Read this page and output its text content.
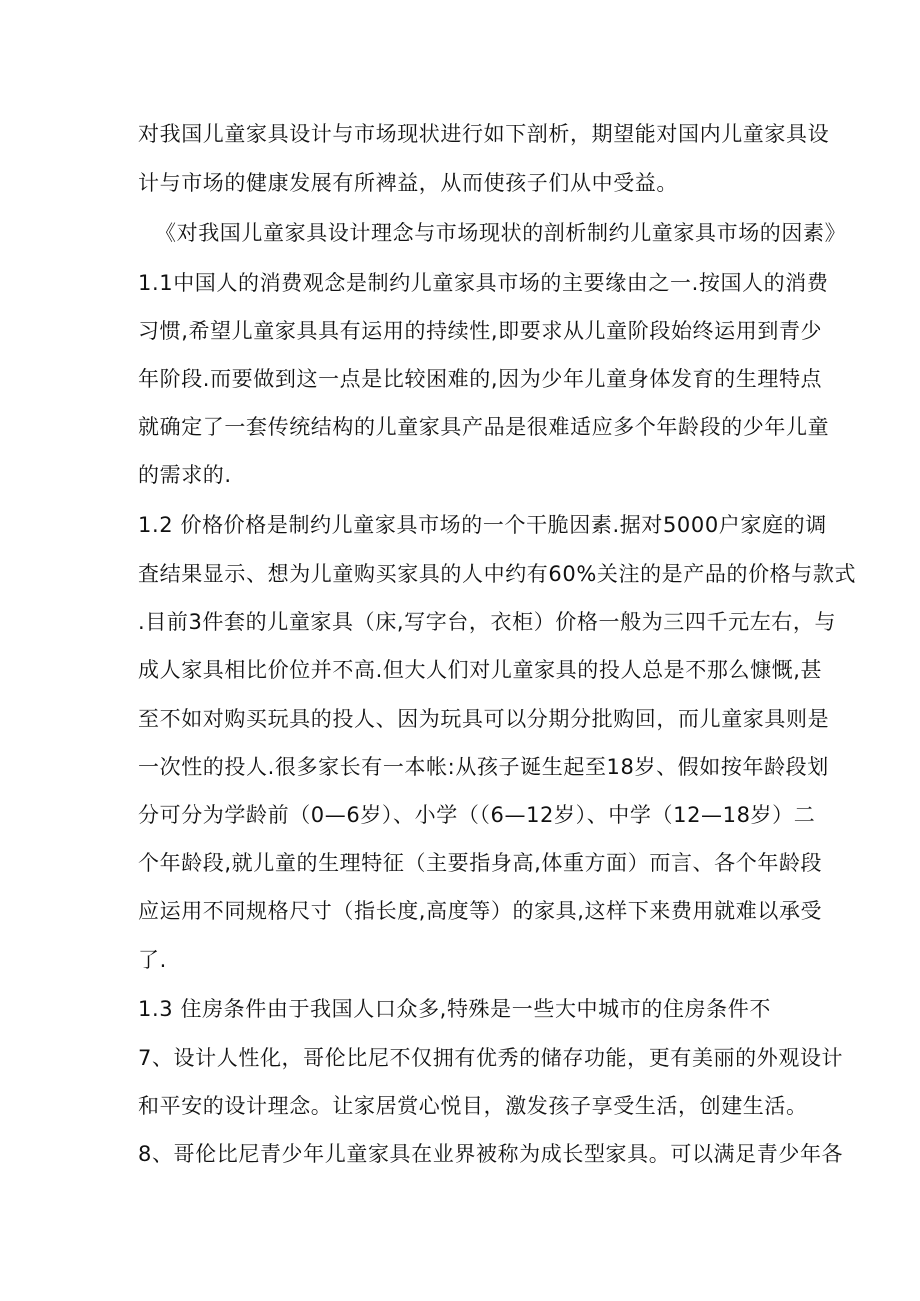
对我国儿童家具设计与市场现状进行如下剖析，期望能对国内儿童家具设
计与市场的健康发展有所裨益，从而使孩子们从中受益。
《对我国儿童家具设计理念与市场现状的剖析制约儿童家具市场的因素》
1.1中国人的消费观念是制约儿童家具市场的主要缘由之一.按国人的消费
习惯,希望儿童家具具有运用的持续性,即要求从儿童阶段始终运用到青少
年阶段.而要做到这一点是比较困难的,因为少年儿童身体发育的生理特点
就确定了一套传统结构的儿童家具产品是很难适应多个年龄段的少年儿童
的需求的.
1.2 价格价格是制约儿童家具市场的一个干脆因素.据对5000户家庭的调
査结果显示、想为儿童购买家具的人中约有60%关注的是产品的价格与款式
.目前3件套的儿童家具（床,写字台，衣柜）价格一般为三四千元左右，与
成人家具相比价位并不高.但大人们对儿童家具的投人总是不那么慷慨,甚
至不如对购买玩具的投人、因为玩具可以分期分批购回，而儿童家具则是
一次性的投人.很多家长有一本帐:从孩子诞生起至18岁、假如按年龄段划
分可分为学龄前（0—6岁）、小学（（6—12岁）、中学（12—18岁）二
个年龄段,就儿童的生理特征（主要指身高,体重方面）而言、各个年龄段
应运用不同规格尺寸（指长度,高度等）的家具,这样下来费用就难以承受
了.
1.3 住房条件由于我国人口众多,特殊是一些大中城市的住房条件不
7、设计人性化，哥伦比尼不仅拥有优秀的储存功能，更有美丽的外观设计
和平安的设计理念。让家居赏心悦目，激发孩子享受生活，创建生活。
8、哥伦比尼青少年儿童家具在业界被称为成长型家具。可以满足青少年各
